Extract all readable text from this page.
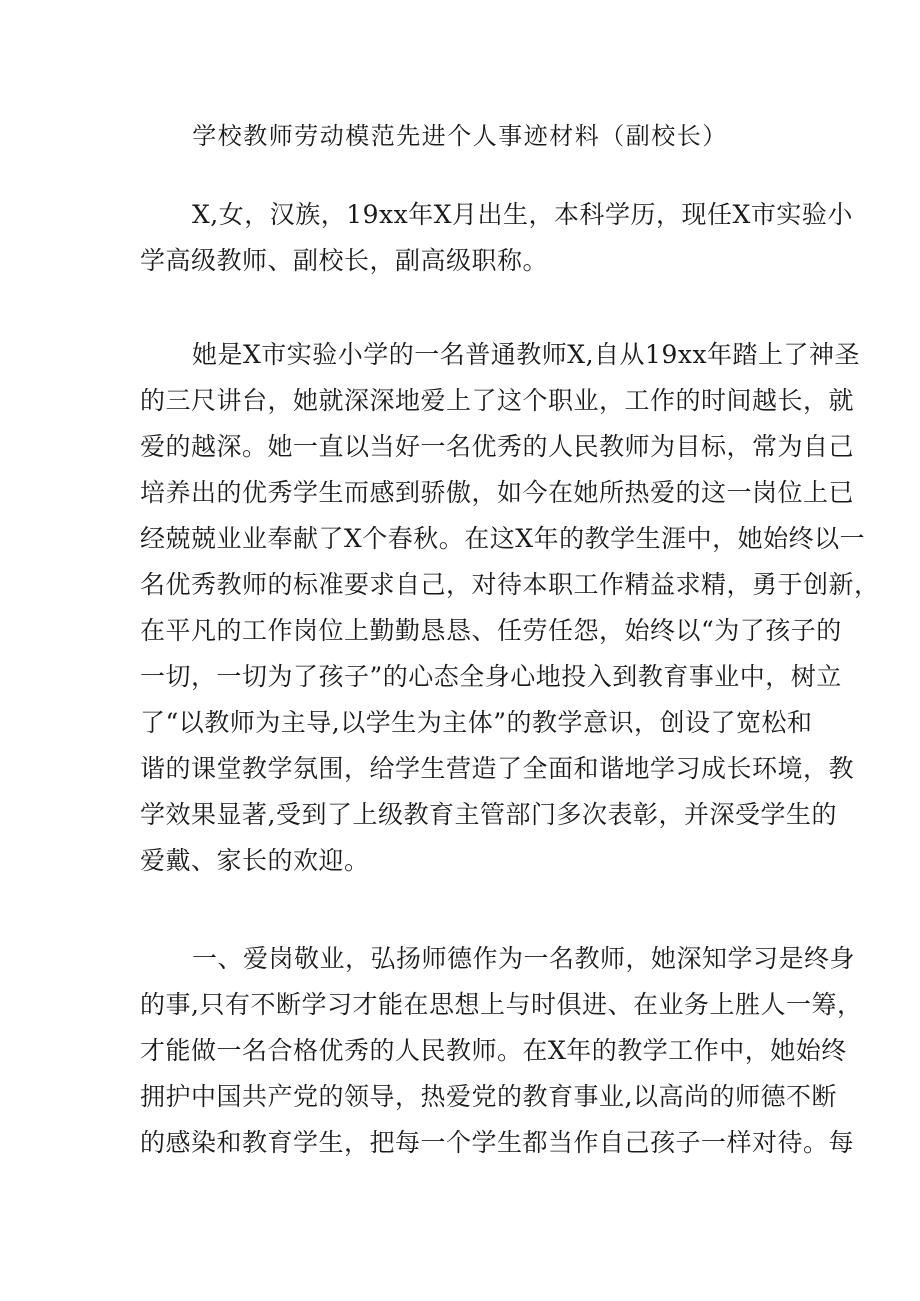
学校教师劳动模范先进个人事迹材料（副校长）
X,女，汉族，19xx年X月出生，本科学历，现任X市实验小
学高级教师、副校长，副高级职称。
她是X市实验小学的一名普通教师X,自从19xx年踏上了神圣
的三尺讲台，她就深深地爱上了这个职业，工作的时间越长，就
爱的越深。她一直以当好一名优秀的人民教师为目标，常为自己
培养出的优秀学生而感到骄傲，如今在她所热爱的这一岗位上已
经兢兢业业奉献了X个春秋。在这X年的教学生涯中，她始终以一
名优秀教师的标准要求自己，对待本职工作精益求精，勇于创新，
在平凡的工作岗位上勤勤恳恳、任劳任怨，始终以“为了孩子的
一切，一切为了孩子”的心态全身心地投入到教育事业中，树立
了“以教师为主导,以学生为主体”的教学意识，创设了宽松和
谐的课堂教学氛围，给学生营造了全面和谐地学习成长环境，教
学效果显著,受到了上级教育主管部门多次表彰，并深受学生的
爱戴、家长的欢迎。
一、爱岗敬业，弘扬师德作为一名教师，她深知学习是终身
的事,只有不断学习才能在思想上与时俱进、在业务上胜人一筹，
才能做一名合格优秀的人民教师。在X年的教学工作中，她始终
拥护中国共产党的领导，热爱党的教育事业,以高尚的师德不断
的感染和教育学生，把每一个学生都当作自己孩子一样对待。每
